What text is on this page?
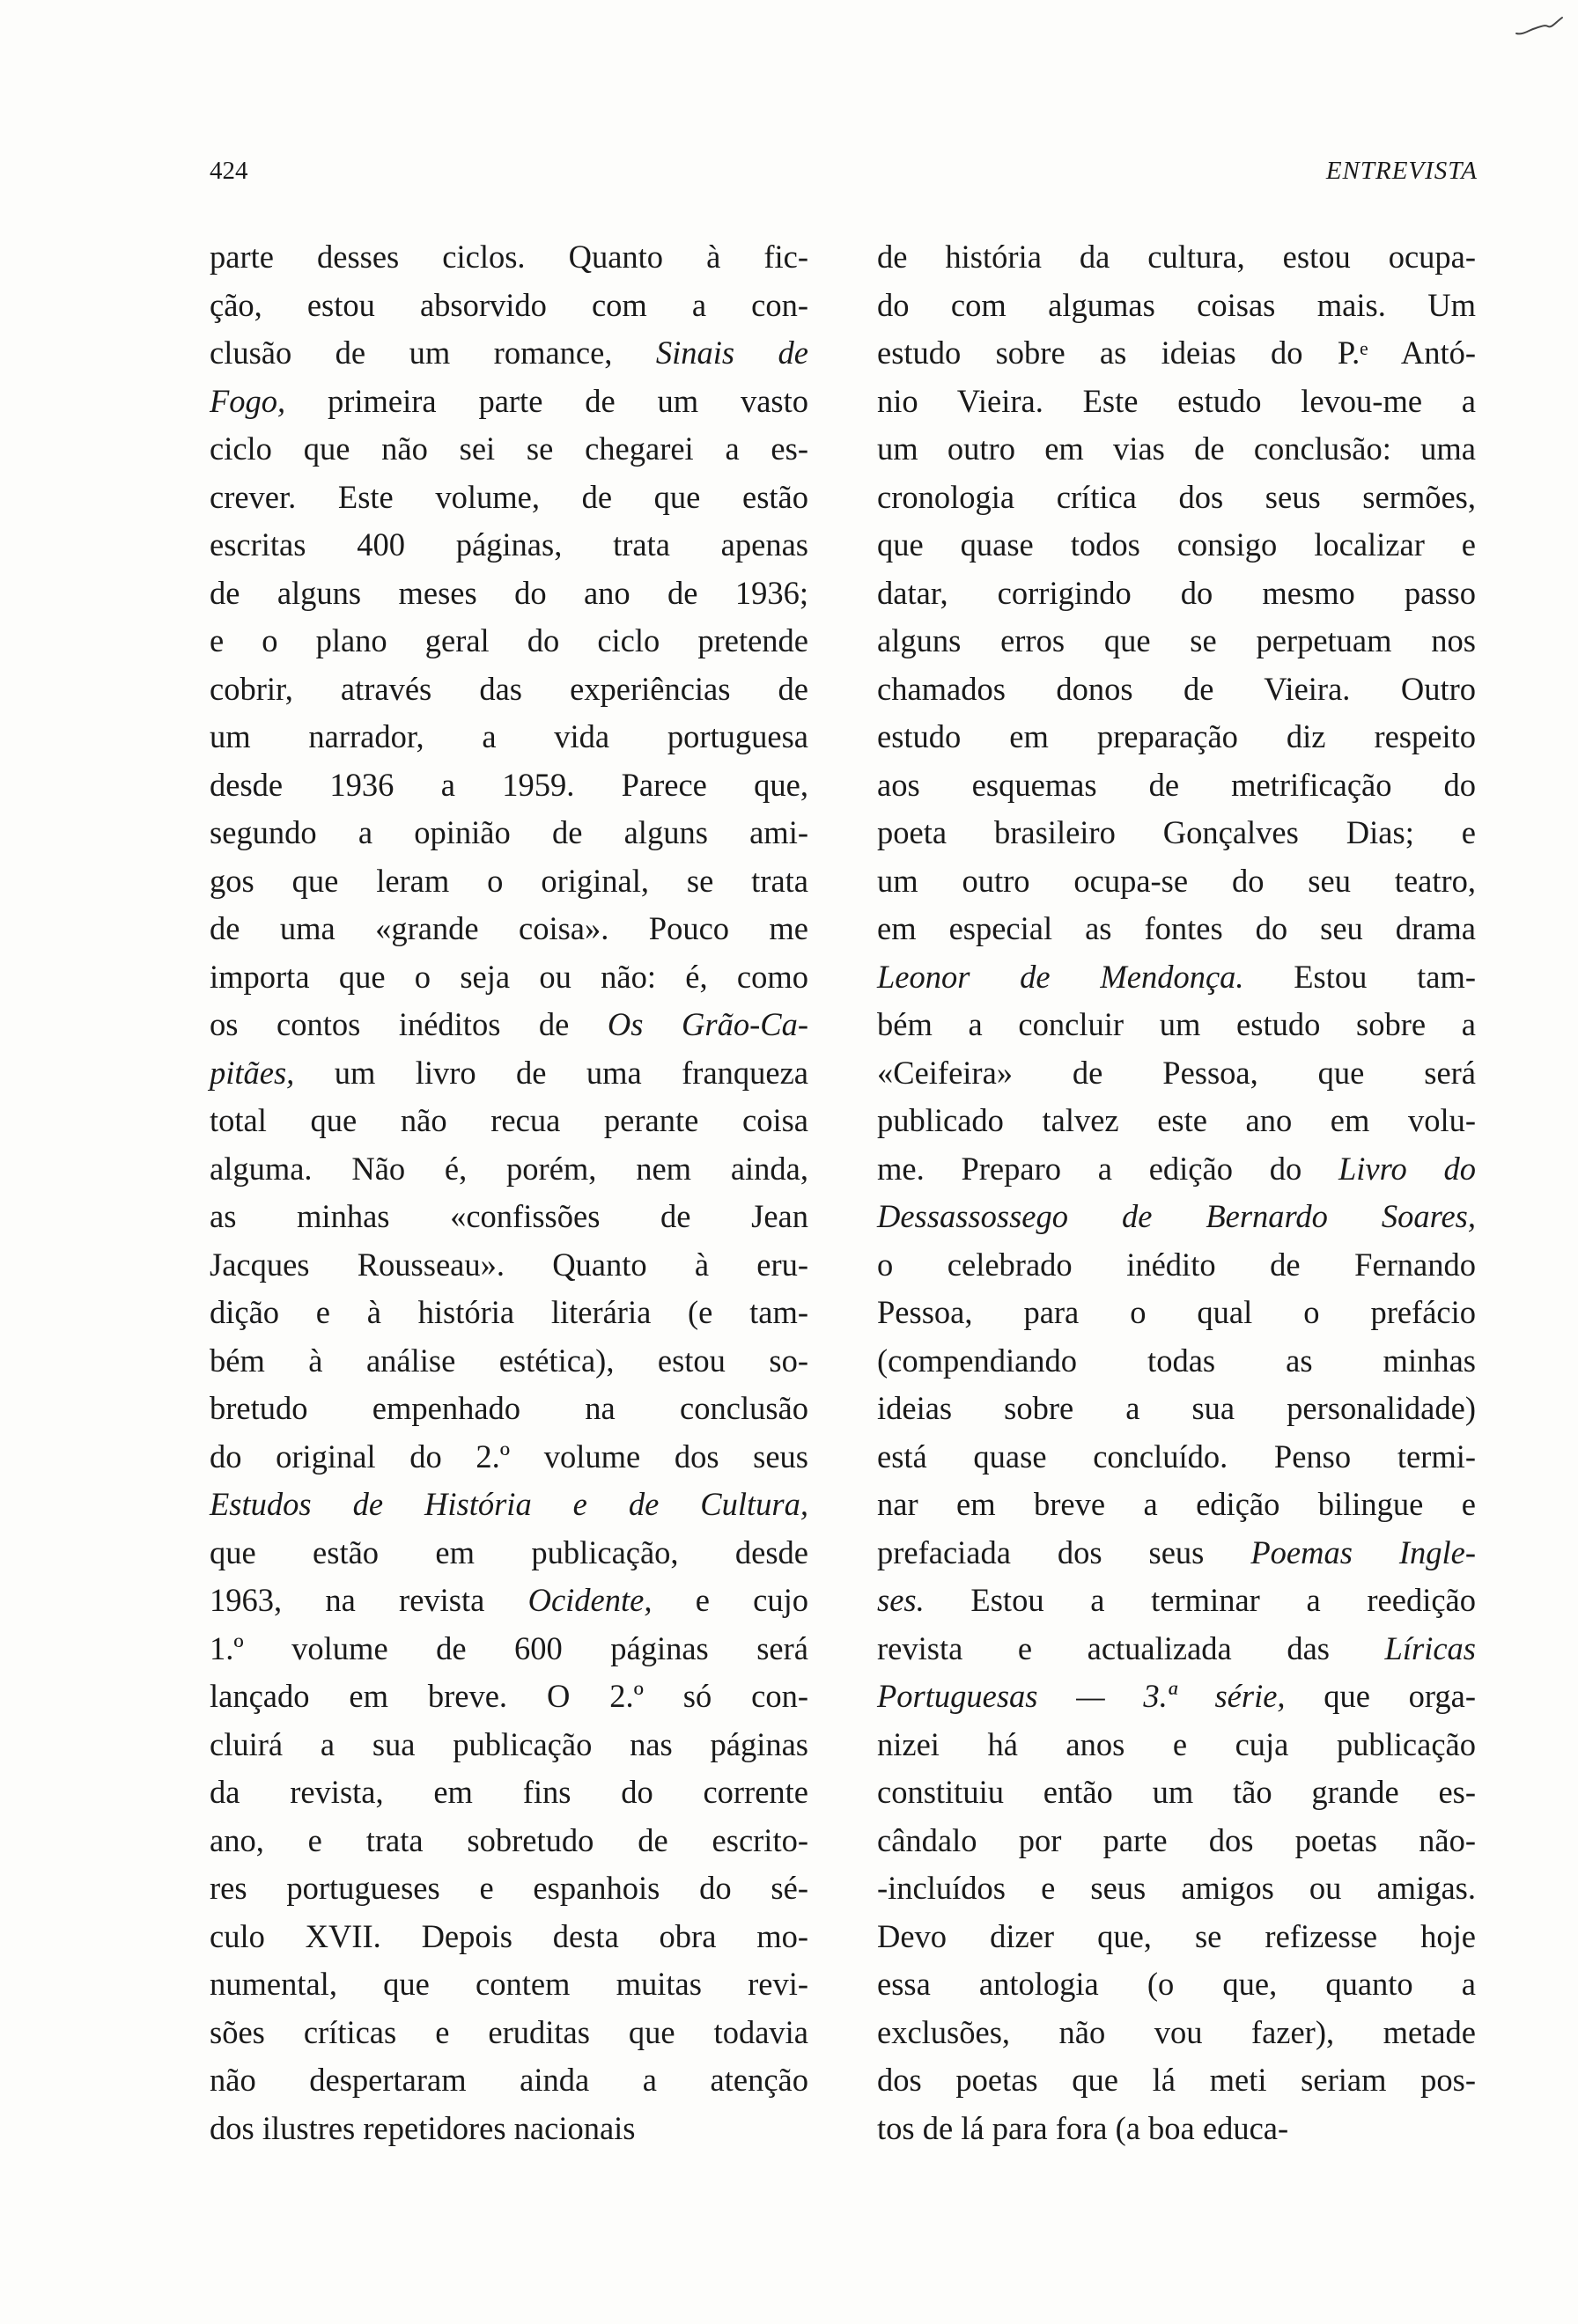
424	ENTREVISTA
parte desses ciclos. Quanto à fic-
ção, estou absorvido com a con-
clusão de um romance, Sinais de
Fogo, primeira parte de um vasto
ciclo que não sei se chegarei a es-
crever. Este volume, de que estão
escritas 400 páginas, trata apenas
de alguns meses do ano de 1936;
e o plano geral do ciclo pretende
cobrir, através das experiências de
um narrador, a vida portuguesa
desde 1936 a 1959. Parece que,
segundo a opinião de alguns ami-
gos que leram o original, se trata
de uma «grande coisa». Pouco me
importa que o seja ou não: é, como
os contos inéditos de Os Grão-Ca-
pitães, um livro de uma franqueza
total que não recua perante coisa
alguma. Não é, porém, nem ainda,
as minhas «confissões de Jean
Jacques Rousseau». Quanto à eru-
dição e à história literária (e tam-
bém à análise estética), estou so-
bretudo empenhado na conclusão
do original do 2.º volume dos seus
Estudos de História e de Cultura,
que estão em publicação, desde
1963, na revista Ocidente, e cujo
1.º volume de 600 páginas será
lançado em breve. O 2.º só con-
cluirá a sua publicação nas páginas
da revista, em fins do corrente
ano, e trata sobretudo de escrito-
res portugueses e espanhois do sé-
culo XVII. Depois desta obra mo-
numental, que contem muitas revi-
sões críticas e eruditas que todavia
não despertaram ainda a atenção
dos ilustres repetidores nacionais
de história da cultura, estou ocupa-
do com algumas coisas mais. Um
estudo sobre as ideias do P.ᵉ Antó-
nio Vieira. Este estudo levou-me a
um outro em vias de conclusão: uma
cronologia crítica dos seus sermões,
que quase todos consigo localizar e
datar, corrigindo do mesmo passo
alguns erros que se perpetuam nos
chamados donos de Vieira. Outro
estudo em preparação diz respeito
aos esquemas de metrificação do
poeta brasileiro Gonçalves Dias; e
um outro ocupa-se do seu teatro,
em especial as fontes do seu drama
Leonor de Mendonça. Estou tam-
bém a concluir um estudo sobre a
«Ceifeira» de Pessoa, que será
publicado talvez este ano em volu-
me. Preparo a edição do Livro do
Dessassossego de Bernardo Soares,
o celebrado inédito de Fernando
Pessoa, para o qual o prefácio
(compendiando todas as minhas
ideias sobre a sua personalidade)
está quase concluído. Penso termi-
nar em breve a edição bilingue e
prefaciada dos seus Poemas Ingle-
ses. Estou a terminar a reedição
revista e actualizada das Líricas
Portuguesas — 3.ª série, que orga-
nizei há anos e cuja publicação
constituiu então um tão grande es-
cândalo por parte dos poetas não-
-incluídos e seus amigos ou amigas.
Devo dizer que, se refizesse hoje
essa antologia (o que, quanto a
exclusões, não vou fazer), metade
dos poetas que lá meti seriam pos-
tos de lá para fora (a boa educa-
